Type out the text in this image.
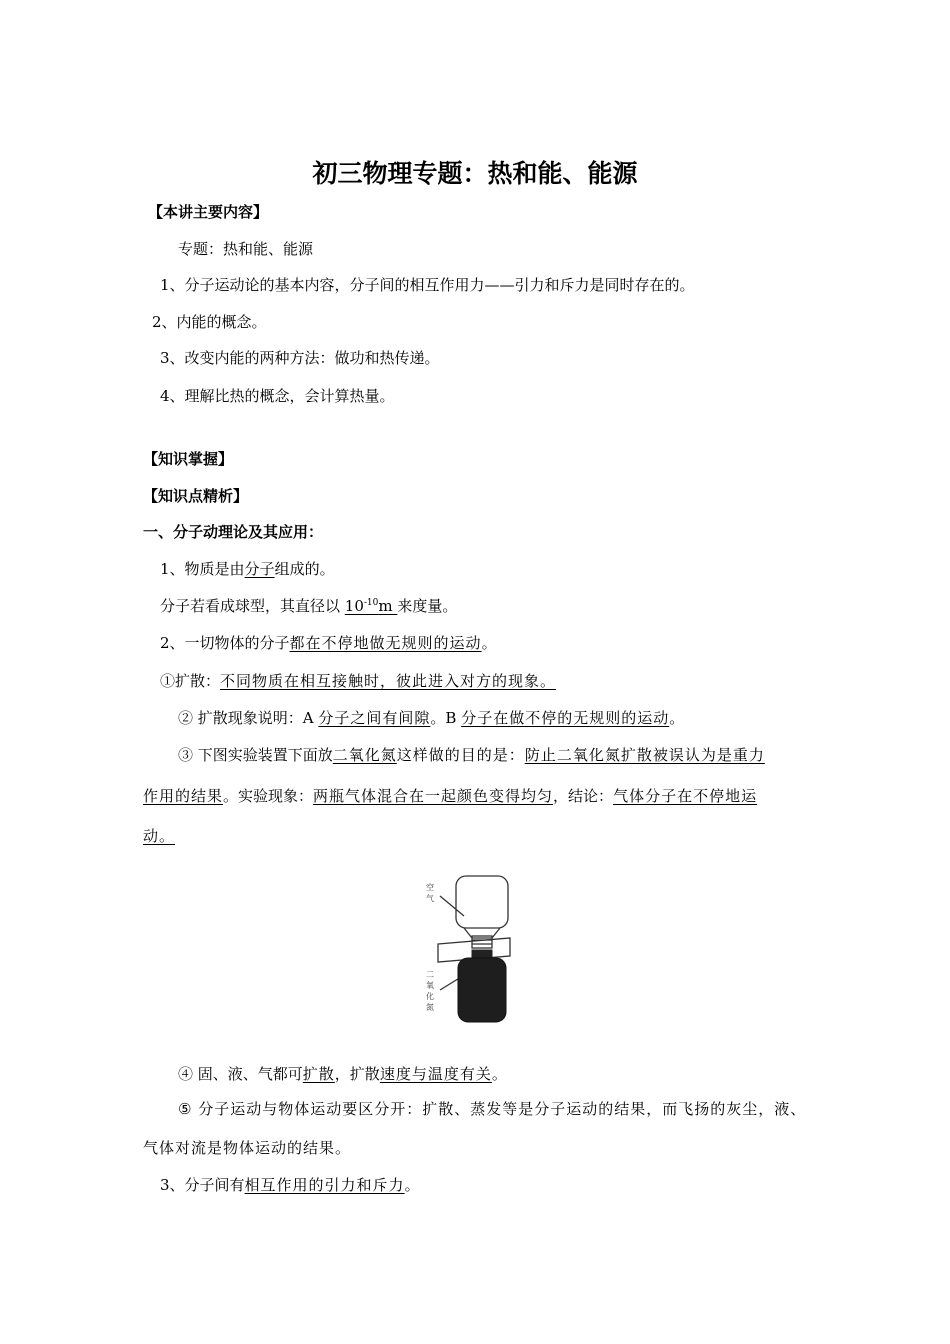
初三物理专题：热和能、能源
【本讲主要内容】
专题：热和能、能源
1、分子运动论的基本内容，分子间的相互作用力——引力和斥力是同时存在的。
2、内能的概念。
3、改变内能的两种方法：做功和热传递。
4、理解比热的概念，会计算热量。
【知识掌握】
【知识点精析】
一、分子动理论及其应用：
1、物质是由分子组成的。
分子若看成球型，其直径以 $10^{-10}m$ 来度量。
2、一切物体的分子都在不停地做无规则的运动。
①扩散：不同物质在相互接触时，彼此进入对方的现象。
② 扩散现象说明：A 分子之间有间隙。B 分子在做不停的无规则的运动。
③ 下图实验装置下面放二氧化氮这样做的目的是：防止二氧化氮扩散被误认为是重力
作用的结果。实验现象：两瓶气体混合在一起颜色变得均匀，结论：气体分子在不停地运
动。
空气
二氧化氮
④ 固、液、气都可扩散，扩散速度与温度有关。
⑤ 分子运动与物体运动要区分开：扩散、蒸发等是分子运动的结果，而飞扬的灰尘，液、
气体对流是物体运动的结果。
3、分子间有相互作用的引力和斥力。
